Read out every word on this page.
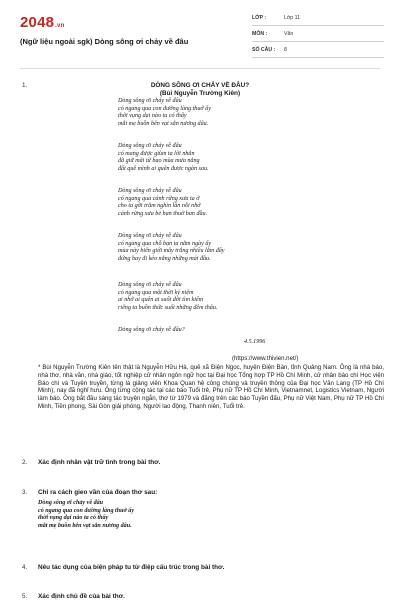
2048.vn
(Ngữ liệu ngoài sgk) Dòng sông ơi chảy về đâu
LỚP :	Lớp 11
MÔN :	Văn
SỐ CÂU : 8
1.	DÒNG SÔNG ƠI CHẢY VỀ ĐÂU?
(Bùi Nguyễn Trường Kiên)
Dòng sông ơi chảy về đâu
có ngang qua con đường làng thuở ấy
thời vụng dại nào ta có thấy
mắt mẹ buồn bên vạt sắn nương dâu.
Dòng sông ơi chảy về đâu
có mang được giùm ta lời nhắn
đã giữ mãi từ bao mùa mưa nắng
đất quê mình ai quên được ngàn sau.
Dòng sông ơi chảy về đâu
có ngang qua cánh rừng xưa ta ở
cho ta gởi trăm nghìn lần nỗi nhớ
cánh rừng xưa bè bạn thuở ban đầu.
Dòng sông ơi chảy về đâu
có ngang qua chỗ bạn ta nằm ngày ấy
mùa này biên giới mây trắng nhiều lắm đấy
đứng bay đi kéo nắng những mái đầu.
Dòng sông ơi chảy về đâu
có ngang qua một thời kỷ niệm
ai nhớ ai quên ai suốt đời tìm kiếm
riêng ta buồn thức suốt những đêm thâu.
Dòng sông ơi chảy về đâu?
4.5.1996
(https://www.thivien.net/)
* Bùi Nguyễn Trường Kiên tên thật là Nguyễn Hữu Hà, quê xã Điện Ngọc, huyện Điện Bàn, tỉnh Quảng Nam. Ông là nhà báo, nhà thơ, nhà văn, nhà giáo, tốt nghiệp cử nhân ngôn ngữ học tại Đại học Tổng hợp TP Hồ Chí Minh, cử nhân báo chí Học viện Báo chí và Tuyên truyền, từng là giảng viên Khoa Quan hệ công chúng và truyền thông của Đại học Văn Lang (TP Hồ Chí Minh), nay đã nghỉ hưu. Ông từng cộng tác tại các báo Tuổi trẻ, Phụ nữ TP Hồ Chí Minh, Vietnamnet, Logistics Vietnam, Người làm báo. Ông bắt đầu sáng tác truyện ngắn, thơ từ 1979 và đăng trên các báo Tuyền đấu, Phụ nữ Việt Nam, Phụ nữ TP Hồ Chí Minh, Tiền phong, Sài Gòn giải phóng, Người lao động, Thanh niên, Tuổi trẻ.
2. Xác định nhân vật trữ tình trong bài thơ.
3. Chỉ ra cách gieo vần của đoạn thơ sau:
Dòng sông ơi chảy về đâu
có ngang qua con đường làng thuở ấy
thời vụng dại nào ta có thấy
mắt mẹ buồn bên vạt sắn nương dâu.
4. Nêu tác dụng của biện pháp tu từ điệp cấu trúc trong bài thơ.
5. Xác định chủ đề của bài thơ.
